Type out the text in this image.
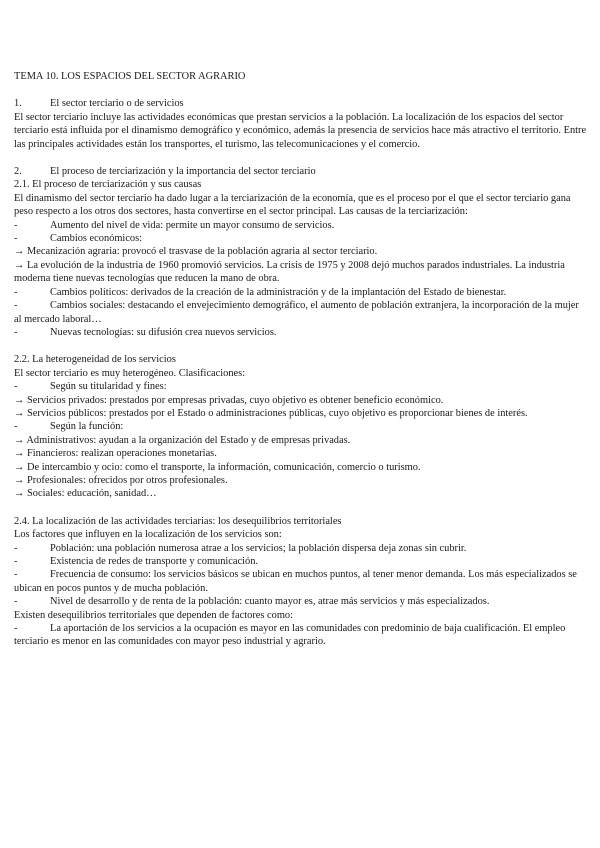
TEMA 10. LOS ESPACIOS DEL SECTOR AGRARIO
1.	El sector terciario o de servicios
El sector terciario incluye las actividades económicas que prestan servicios a la población. La localización de los espacios del sector terciario está influida por el dinamismo demográfico y económico, además la presencia de servicios hace más atractivo el territorio. Entre las principales actividades están los transportes, el turismo, las telecomunicaciones y el comercio.
2.	El proceso de terciarización y la importancia del sector terciario
2.1. El proceso de terciarización y sus causas
El dinamismo del sector terciario ha dado lugar a la terciarización de la economía, que es el proceso por el que el sector terciario gana peso respecto a los otros dos sectores, hasta convertirse en el sector principal. Las causas de la terciarización:
-	Aumento del nivel de vida: permite un mayor consumo de servicios.
-	Cambios económicos:
→ Mecanización agraria: provocó el trasvase de la población agraria al sector terciario.
→ La evolución de la industria de 1960 promovió servicios. La crisis de 1975 y 2008 dejó muchos parados industriales. La industria moderna tiene nuevas tecnologías que reducen la mano de obra.
-	Cambios políticos: derivados de la creación de la administración y de la implantación del Estado de bienestar.
-	Cambios sociales: destacando el envejecimiento demográfico, el aumento de población extranjera, la incorporación de la mujer al mercado laboral…
-	Nuevas tecnologías: su difusión crea nuevos servicios.
2.2. La heterogeneidad de los servicios
El sector terciario es muy heterogéneo. Clasificaciones:
-	Según su titularidad y fines:
→ Servicios privados: prestados por empresas privadas, cuyo objetivo es obtener beneficio económico.
→ Servicios públicos: prestados por el Estado o administraciones públicas, cuyo objetivo es proporcionar bienes de interés.
-	Según la función:
→ Administrativos: ayudan a la organización del Estado y de empresas privadas.
→ Financieros: realizan operaciones monetarias.
→ De intercambio y ocio: como el transporte, la información, comunicación, comercio o turismo.
→ Profesionales: ofrecidos por otros profesionales.
→ Sociales: educación, sanidad…
2.4. La localización de las actividades terciarias: los desequilibrios territoriales
Los factores que influyen en la localización de los servicios son:
-	Población: una población numerosa atrae a los servicios; la población dispersa deja zonas sin cubrir.
-	Existencia de redes de transporte y comunicación.
-	Frecuencia de consumo: los servicios básicos se ubican en muchos puntos, al tener menor demanda. Los más especializados se ubican en pocos puntos y de mucha población.
-	Nivel de desarrollo y de renta de la población: cuanto mayor es, atrae más servicios y más especializados.
Existen desequilibrios territoriales que dependen de factores como:
-	La aportación de los servicios a la ocupación es mayor en las comunidades con predominio de baja cualificación. El empleo terciario es menor en las comunidades con mayor peso industrial y agrario.
